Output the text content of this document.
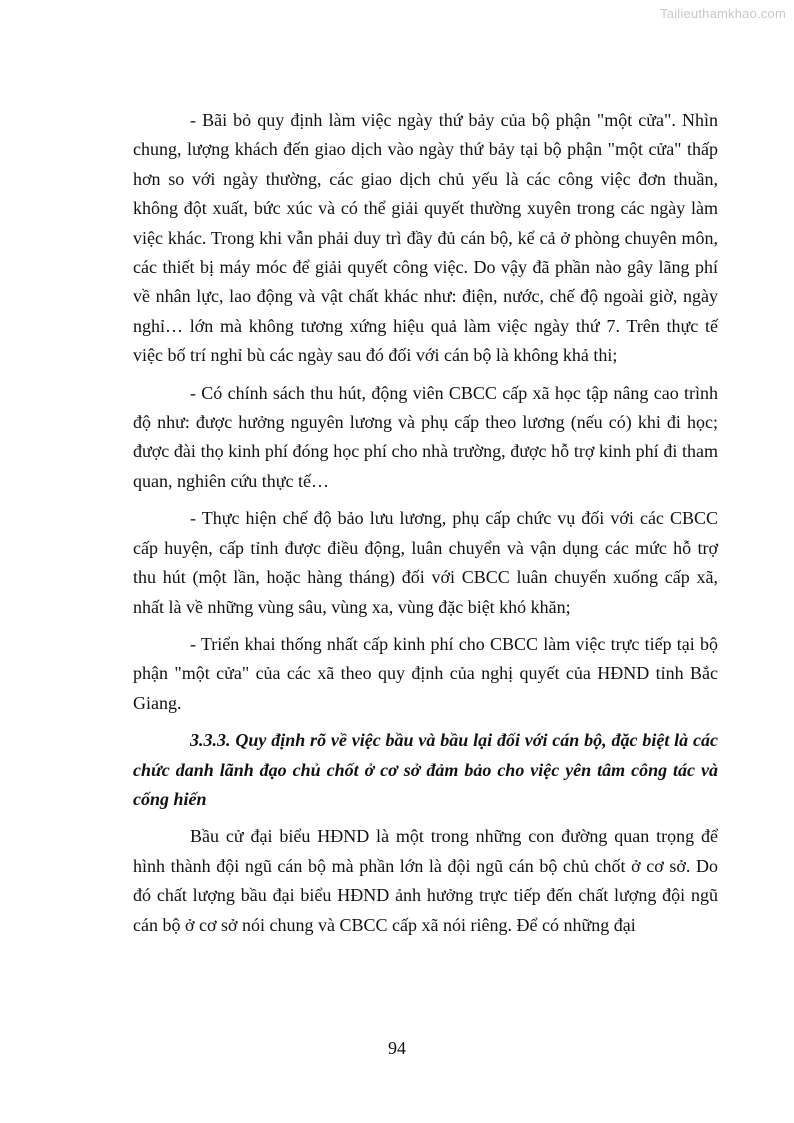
Tailieuthamkhao.com

- Bãi bỏ quy định làm việc ngày thứ bảy của bộ phận "một cửa". Nhìn chung, lượng khách đến giao dịch vào ngày thứ bảy tại bộ phận "một cửa" thấp hơn so với ngày thường, các giao dịch chủ yếu là các công việc đơn thuần, không đột xuất, bức xúc và có thể giải quyết thường xuyên trong các ngày làm việc khác. Trong khi vẫn phải duy trì đầy đủ cán bộ, kể cả ở phòng chuyên môn, các thiết bị máy móc để giải quyết công việc. Do vậy đã phần nào gây lãng phí về nhân lực, lao động và vật chất khác như: điện, nước, chế độ ngoài giờ, ngày nghỉ… lớn mà không tương xứng hiệu quả làm việc ngày thứ 7. Trên thực tế việc bố trí nghỉ bù các ngày sau đó đối với cán bộ là không khả thi;

- Có chính sách thu hút, động viên CBCC cấp xã học tập nâng cao trình độ như: được hưởng nguyên lương và phụ cấp theo lương (nếu có) khi đi học; được đài thọ kinh phí đóng học phí cho nhà trường, được hỗ trợ kinh phí đi tham quan, nghiên cứu thực tế…

- Thực hiện chế độ bảo lưu lương, phụ cấp chức vụ đối với các CBCC cấp huyện, cấp tỉnh được điều động, luân chuyển và vận dụng các mức hỗ trợ thu hút (một lần, hoặc hàng tháng) đối với CBCC luân chuyển xuống cấp xã, nhất là về những vùng sâu, vùng xa, vùng đặc biệt khó khăn;

- Triển khai thống nhất cấp kinh phí cho CBCC làm việc trực tiếp tại bộ phận "một cửa" của các xã theo quy định của nghị quyết của HĐND tỉnh Bắc Giang.

3.3.3. Quy định rõ về việc bầu và bầu lại đối với cán bộ, đặc biệt là các chức danh lãnh đạo chủ chốt ở cơ sở đảm bảo cho việc yên tâm công tác và cống hiến

Bầu cử đại biểu HĐND là một trong những con đường quan trọng để hình thành đội ngũ cán bộ mà phần lớn là đội ngũ cán bộ chủ chốt ở cơ sở. Do đó chất lượng bầu đại biểu HĐND ảnh hưởng trực tiếp đến chất lượng đội ngũ cán bộ ở cơ sở nói chung và CBCC cấp xã nói riêng. Để có những đại

94
